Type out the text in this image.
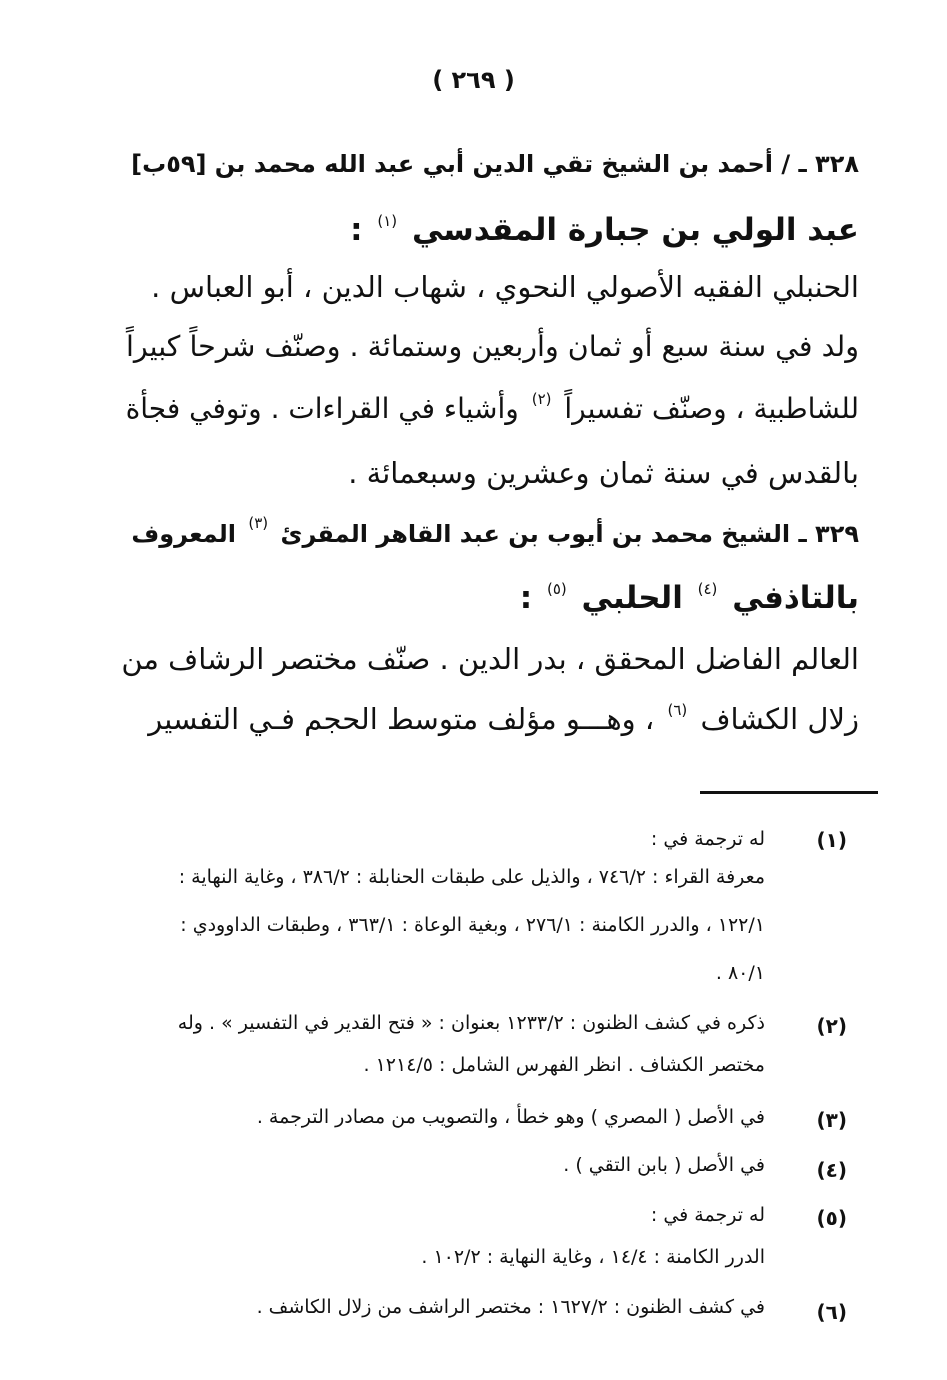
( ٢٦٩ )
٣٢٨ ـ / أحمد بن الشيخ تقي الدين أبي عبد الله محمد بن [٥٩ب]
عبد الولي بن جبارة المقدسي $^{(١)}$ :
الحنبلي الفقيه الأصولي النحوي ، شهاب الدين ، أبو العباس .
ولد في سنة سبع أو ثمان وأربعين وستمائة . وصنّف شرحاً كبيراً
للشاطبية ، وصنّف تفسيراً $^{(٢)}$ وأشياء في القراءات . وتوفي فجأة
بالقدس في سنة ثمان وعشرين وسبعمائة .
٣٢٩ ـ الشيخ محمد بن أيوب بن عبد القاهر المقرئ $^{(٣)}$ المعروف
بالتاذفي $^{(٤)}$ الحلبي $^{(٥)}$ :
العالم الفاضل المحقق ، بدر الدين . صنّف مختصر الرشاف من
زلال الكشاف $^{(٦)}$ ، وهـــو مؤلف متوسط الحجم فـي التفسير
(١)
له ترجمة في :
معرفة القراء : ٧٤٦/٢ ، والذيل على طبقات الحنابلة : ٣٨٦/٢ ، وغاية النهاية :
١٢٢/١ ، والدرر الكامنة : ٢٧٦/١ ، وبغية الوعاة : ٣٦٣/١ ، وطبقات الداوودي :
٨٠/١ .
(٢)
ذكره في كشف الظنون : ١٢٣٣/٢ بعنوان : « فتح القدير في التفسير » . وله
مختصر الكشاف . انظر الفهرس الشامل : ١٢١٤/٥ .
(٣)
في الأصل ( المصري ) وهو خطأ ، والتصويب من مصادر الترجمة .
(٤)
في الأصل ( بابن التقي ) .
(٥)
له ترجمة في :
الدرر الكامنة : ١٤/٤ ، وغاية النهاية : ١٠٢/٢ .
(٦)
في كشف الظنون : ١٦٢٧/٢ : مختصر الراشف من زلال الكاشف .
